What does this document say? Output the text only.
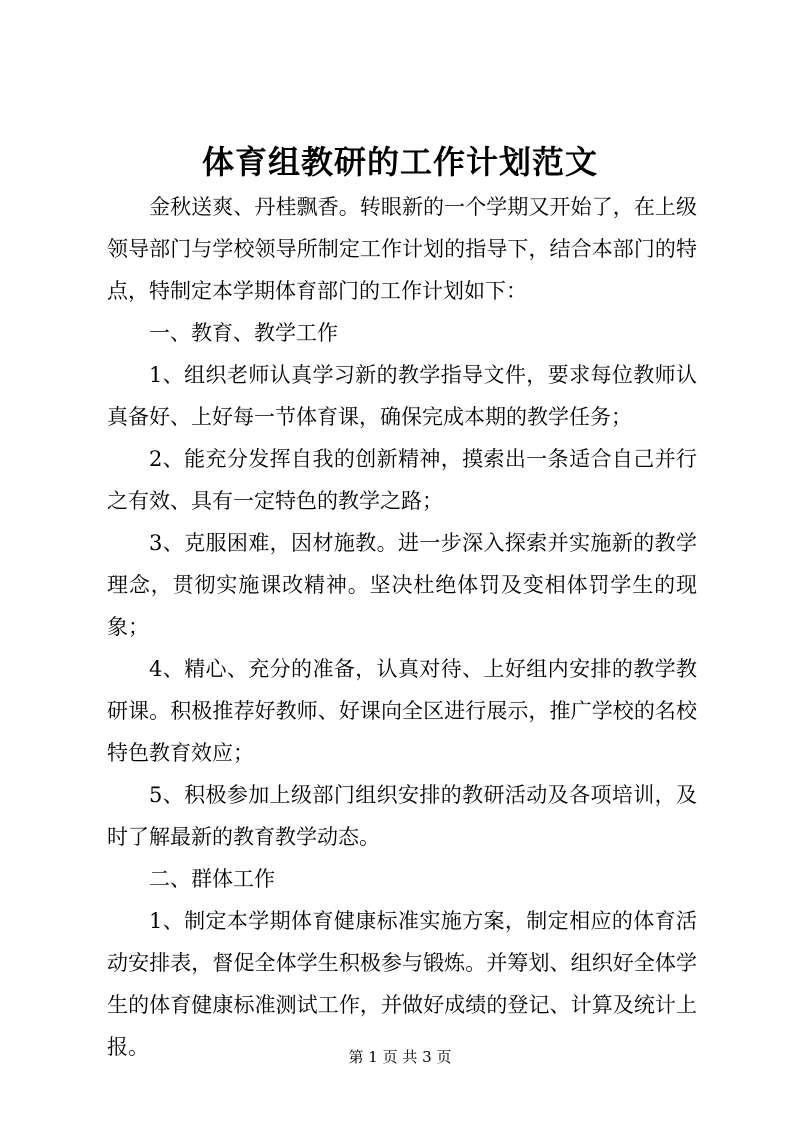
体育组教研的工作计划范文

金秋送爽、丹桂飘香。转眼新的一个学期又开始了，在上级领导部门与学校领导所制定工作计划的指导下，结合本部门的特点，特制定本学期体育部门的工作计划如下：

一、教育、教学工作

1、组织老师认真学习新的教学指导文件，要求每位教师认真备好、上好每一节体育课，确保完成本期的教学任务；

2、能充分发挥自我的创新精神，摸索出一条适合自己并行之有效、具有一定特色的教学之路；

3、克服困难，因材施教。进一步深入探索并实施新的教学理念，贯彻实施课改精神。坚决杜绝体罚及变相体罚学生的现象；

4、精心、充分的准备，认真对待、上好组内安排的教学教研课。积极推荐好教师、好课向全区进行展示，推广学校的名校特色教育效应；

5、积极参加上级部门组织安排的教研活动及各项培训，及时了解最新的教育教学动态。

二、群体工作

1、制定本学期体育健康标准实施方案，制定相应的体育活动安排表，督促全体学生积极参与锻炼。并筹划、组织好全体学生的体育健康标准测试工作，并做好成绩的登记、计算及统计上报。	第 1 页 共 3 页
